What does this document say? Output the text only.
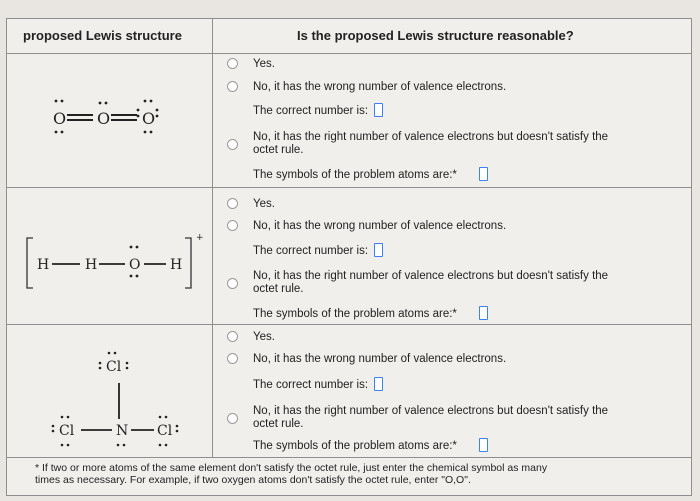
proposed Lewis structure	Is the proposed Lewis structure reasonable?
O O O
Yes.
No, it has the wrong number of valence electrons.
The correct number is:
No, it has the right number of valence electrons but doesn't satisfy the
octet rule.
The symbols of the problem atoms are:*
H	H O H
+
Yes.
No, it has the wrong number of valence electrons.
The correct number is:
No, it has the right number of valence electrons but doesn't satisfy the
octet rule.
The symbols of the problem atoms are:*
Cl
Cl	N Cl
Yes.
No, it has the wrong number of valence electrons.
The correct number is:
No, it has the right number of valence electrons but doesn't satisfy the
octet rule.
The symbols of the problem atoms are:*
* If two or more atoms of the same element don't satisfy the octet rule, just enter the chemical symbol as many
times as necessary. For example, if two oxygen atoms don't satisfy the octet rule, enter "O,O".
